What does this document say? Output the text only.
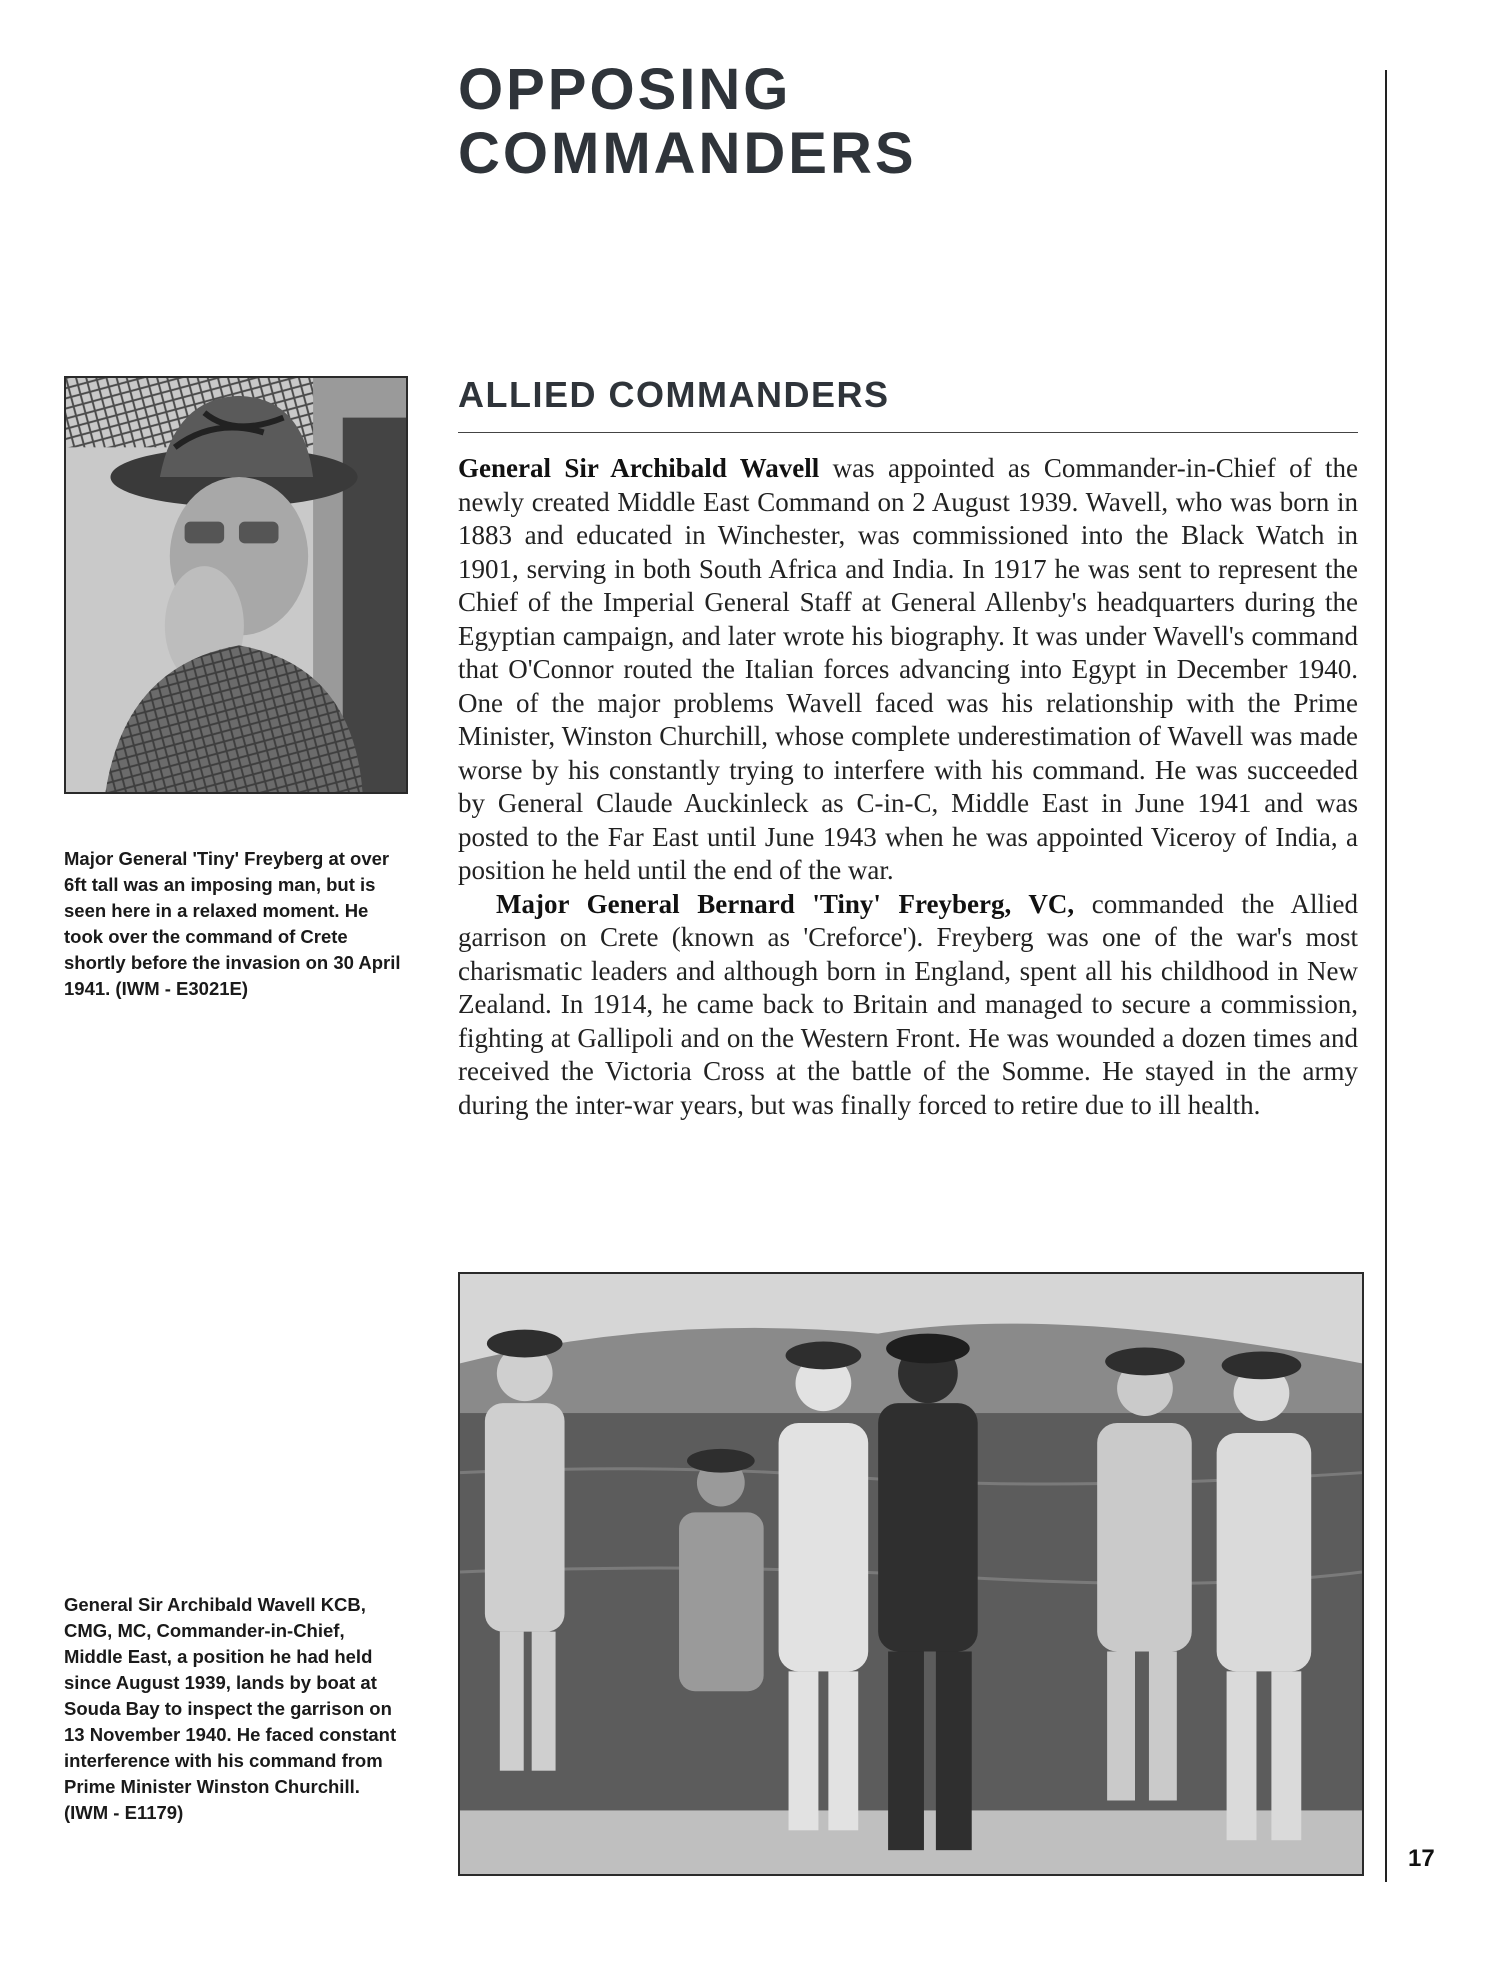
OPPOSING
COMMANDERS
Major General 'Tiny' Freyberg at over 6ft tall was an imposing man, but is seen here in a relaxed moment. He took over the command of Crete shortly before the invasion on 30 April 1941. (IWM - E3021E)
ALLIED COMMANDERS

General Sir Archibald Wavell was appointed as Commander-in-Chief of the newly created Middle East Command on 2 August 1939. Wavell, who was born in 1883 and educated in Winchester, was commissioned into the Black Watch in 1901, serving in both South Africa and India. In 1917 he was sent to represent the Chief of the Imperial General Staff at General Allenby's headquarters during the Egyptian campaign, and later wrote his biography. It was under Wavell's command that O'Connor routed the Italian forces advancing into Egypt in December 1940. One of the major problems Wavell faced was his relationship with the Prime Minister, Winston Churchill, whose complete underestimation of Wavell was made worse by his constantly trying to interfere with his command. He was succeeded by General Claude Auckinleck as C-in-C, Middle East in June 1941 and was posted to the Far East until June 1943 when he was appointed Viceroy of India, a position he held until the end of the war.

Major General Bernard 'Tiny' Freyberg, VC, commanded the Allied garrison on Crete (known as 'Creforce'). Freyberg was one of the war's most charismatic leaders and although born in England, spent all his childhood in New Zealand. In 1914, he came back to Britain and managed to secure a commission, fighting at Gallipoli and on the Western Front. He was wounded a dozen times and received the Victoria Cross at the battle of the Somme. He stayed in the army during the inter-war years, but was finally forced to retire due to ill health.

General Sir Archibald Wavell KCB, CMG, MC, Commander-in-Chief, Middle East, a position he had held since August 1939, lands by boat at Souda Bay to inspect the garrison on 13 November 1940. He faced constant interference with his command from Prime Minister Winston Churchill. (IWM - E1179)
17
